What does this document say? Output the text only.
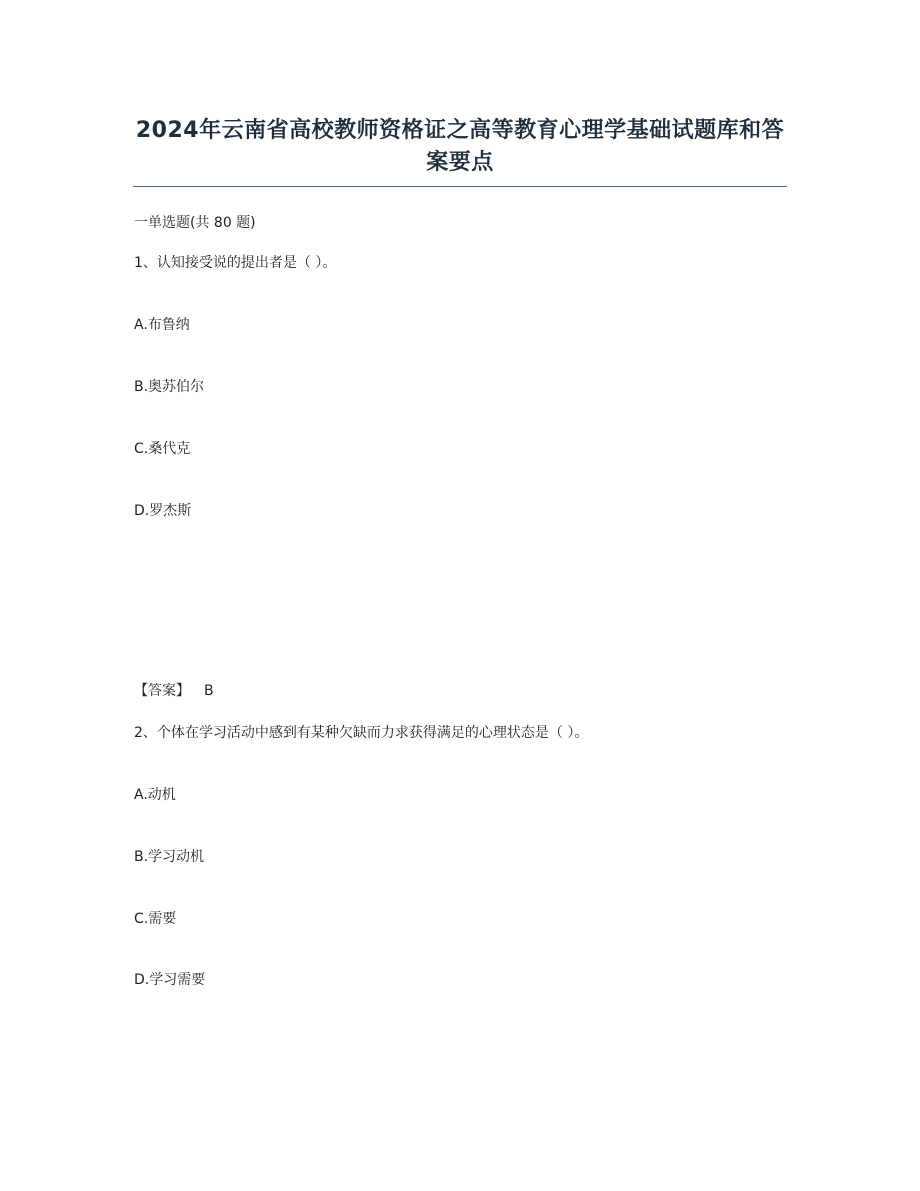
2024年云南省高校教师资格证之高等教育心理学基础试题库和答案要点
一单选题(共 80 题)
1、认知接受说的提出者是（ ）。
A.布鲁纳
B.奥苏伯尔
C.桑代克
D.罗杰斯
【答案】 B
2、个体在学习活动中感到有某种欠缺而力求获得满足的心理状态是（ ）。
A.动机
B.学习动机
C.需要
D.学习需要
